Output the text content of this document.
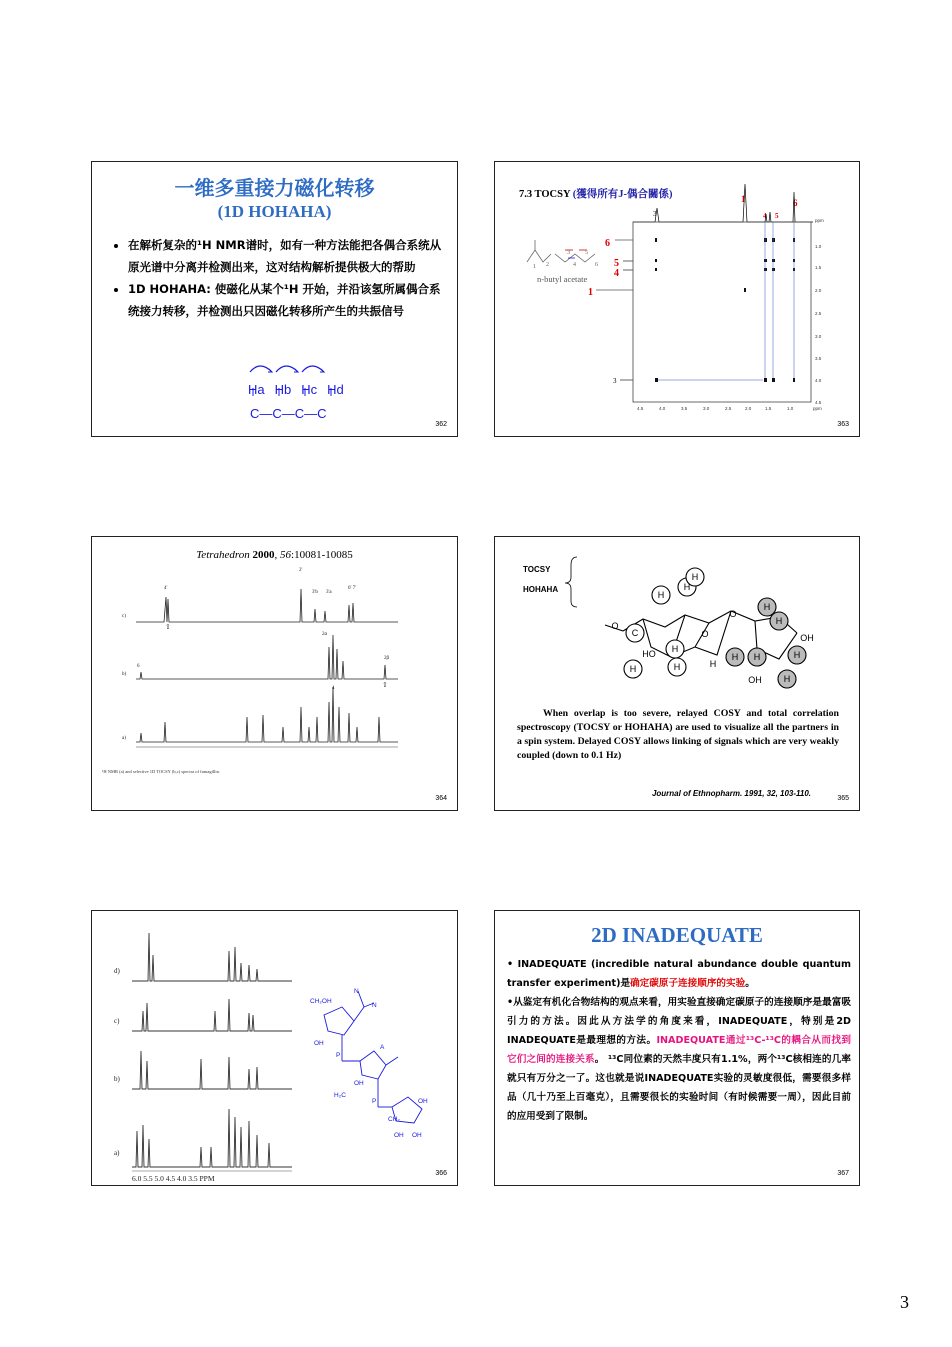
一维多重接力磁化转移
(1D HOHAHA)
• 在解析复杂的¹H NMR谱时，如有一种方法能把各偶合系统从原光谱中分离并检测出来，这对结构解析提供极大的帮助
• 1D HOHAHA: 使磁化从某个¹H 开始，并沿该氢所属偶合系统接力转移，并检测出只因磁化转移所产生的共振信号
Ha Hb Hc Hd
C—C—C—C
362
7.3 TOCSY (獲得所有J-偶合關係)
1 2
3
4
5
6
n-butyl acetate
6
5
4
1
3
1	6
3	4 5
ppm
1.0
1.5
2.0
2.5
3.0
3.5
4.0
4.5
4.5	4.0	3.5	3.0	2.5	2.0	1.5	1.0	ppm
363
Tetrahedron 2000, 56:10081-10085
c)
b)
a)
4'
2'
3'b 3'a
6' 7'
2α
6
2β
4
⇧
⇧
¹H NMR (a) and selective 1D TOCSY (b,c) spectra of fumagillin.
364
TOCSY
HOHAHA
C
H
H
H
H
H	H
H
H
H H	H
H
O
HO
H
O
OH
OH
O
When overlap is too severe, relayed COSY and total correlation spectroscopy (TOCSY or HOHAHA) are used to visualize all the partners in a spin system. Delayed COSY allows linking of signals which are very weakly coupled (down to 0.1 Hz)
Journal of Ethnopharm. 1991, 32, 103-110.
365
d)
c)
b)
a)
6.0 5.5 5.0 4.5 4.0 3.5 PPM
CH₂OH
N
N
OH
P
H₂C
OH
P
CH₂
OH
OH OH
A
366
2D INADEQUATE

• INADEQUATE (incredible natural abundance double quantum transfer experiment)是确定碳原子连接顺序的实验。

•从鉴定有机化合物结构的观点来看，用实验直接确定碳原子的连接顺序是最富吸引力的方法。因此从方法学的角度来看，INADEQUATE，特别是2D INADEQUATE是最理想的方法。INADEQUATE通过¹³C-¹³C的耦合从而找到它们之间的连接关系。 ¹³C同位素的天然丰度只有1.1%，两个¹³C核相连的几率就只有万分之一了。这也就是说INADEQUATE实验的灵敏度很低，需要很多样品（几十乃至上百毫克），且需要很长的实验时间（有时候需要一周），因此目前的应用受到了限制。

367
3
